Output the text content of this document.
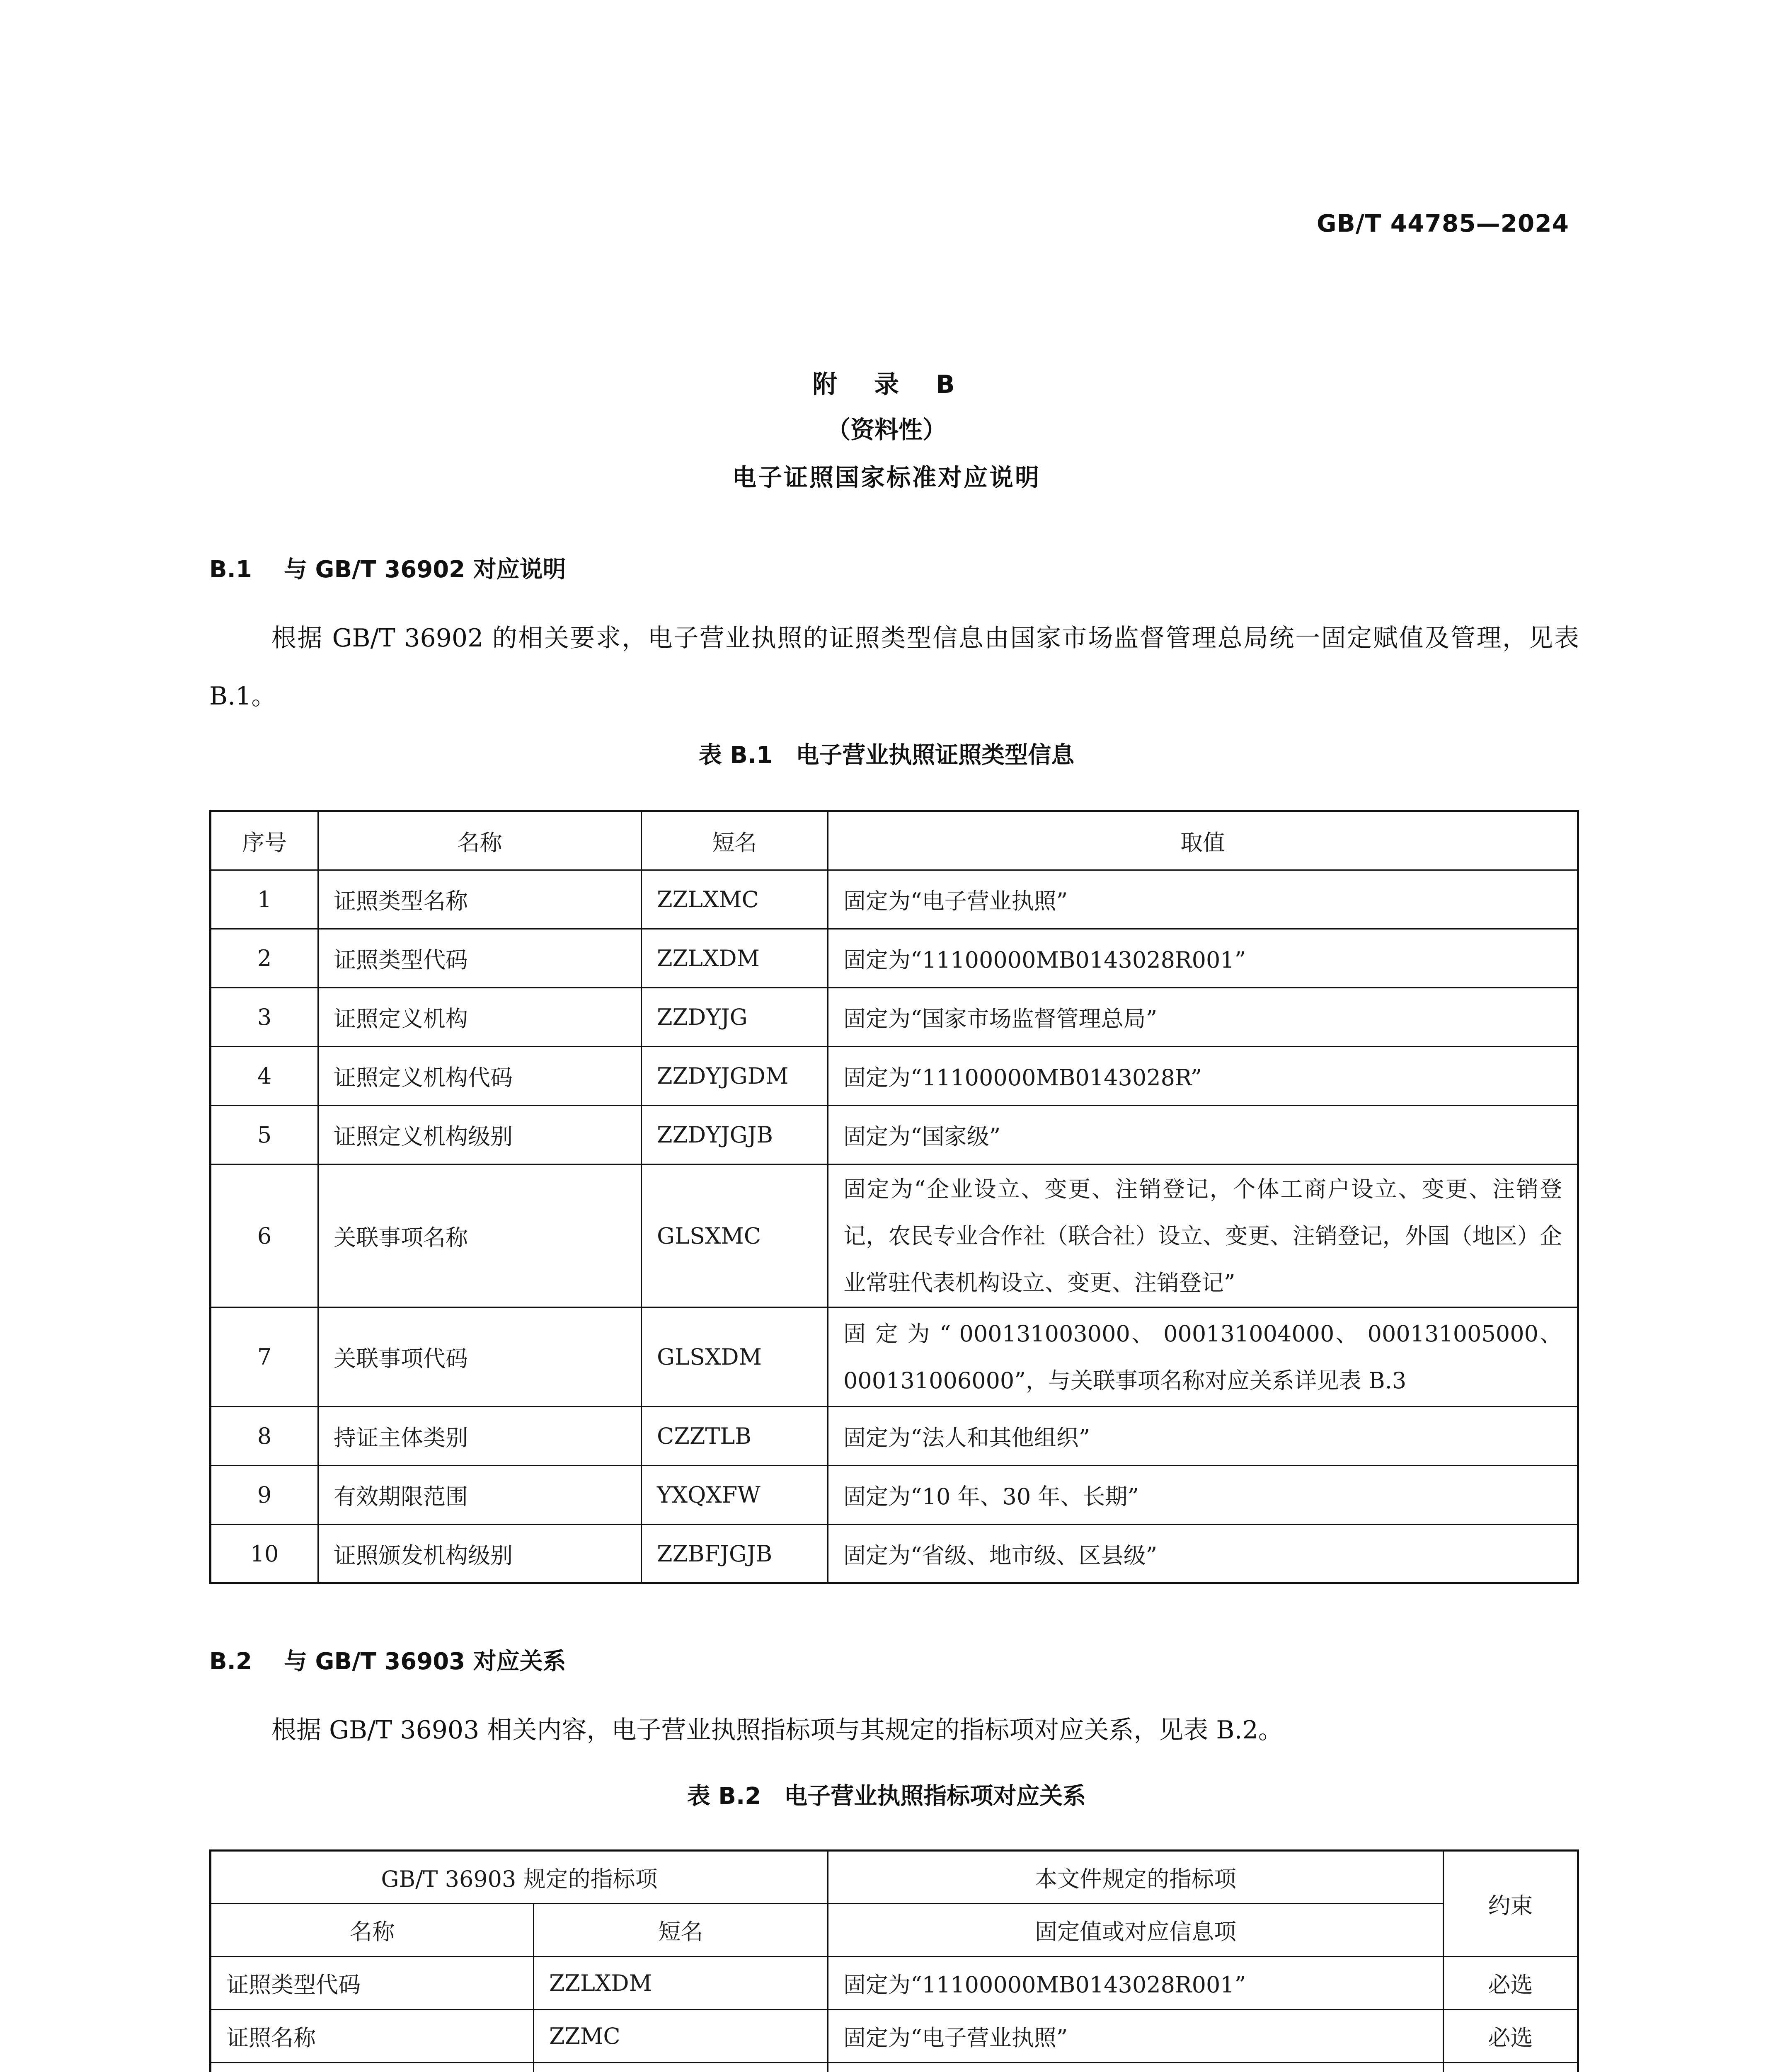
GB/T 44785—2024
附 录 B
（资料性）
电子证照国家标准对应说明
B.1 与 GB/T 36902 对应说明
根据 GB/T 36902 的相关要求，电子营业执照的证照类型信息由国家市场监督管理总局统一固定赋值及管理，见表 B.1。
表 B.1　电子营业执照证照类型信息
序号	名称	短名	取值
1	证照类型名称	ZZLXMC	固定为“电子营业执照”
2	证照类型代码	ZZLXDM	固定为“11100000MB0143028R001”
3	证照定义机构	ZZDYJG	固定为“国家市场监督管理总局”
4	证照定义机构代码	ZZDYJGDM	固定为“11100000MB0143028R”
5	证照定义机构级别	ZZDYJGJB	固定为“国家级”
6	关联事项名称	GLSXMC	固定为“企业设立、变更、注销登记，个体工商户设立、变更、注销登记，农民专业合作社（联合社）设立、变更、注销登记，外国（地区）企业常驻代表机构设立、变更、注销登记”
7	关联事项代码	GLSXDM	固 定 为 “ 000131003000、 000131004000、 000131005000、000131006000”，与关联事项名称对应关系详见表 B.3
8	持证主体类别	CZZTLB	固定为“法人和其他组织”
9	有效期限范围	YXQXFW	固定为“10 年、30 年、长期”
10	证照颁发机构级别	ZZBFJGJB	固定为“省级、地市级、区县级”
B.2 与 GB/T 36903 对应关系
根据 GB/T 36903 相关内容，电子营业执照指标项与其规定的指标项对应关系，见表 B.2。
表 B.2　电子营业执照指标项对应关系
GB/T 36903 规定的指标项		本文件规定的指标项	约束
名称	短名	固定值或对应信息项	
证照类型代码	ZZLXDM	固定为“11100000MB0143028R001”	必选
证照名称	ZZMC	固定为“电子营业执照”	必选
